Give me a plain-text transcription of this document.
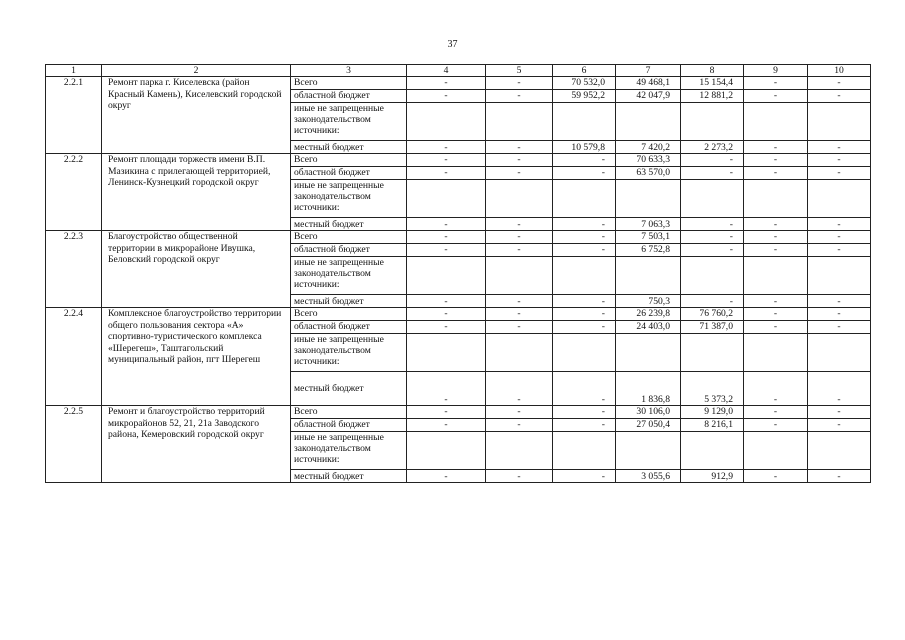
37
1	2	3	4	5	6	7	8	9	10
2.2.1	Ремонт парка г. Киселевска (район Красный Камень), Киселевский городской округ	Всего	-	-	70 532,0	49 468,1	15 154,4	-	-
		областной бюджет	-	-	59 952,2	42 047,9	12 881,2	-	-
		иные не запрещенные законодательством источники:							
		местный бюджет	-	-	10 579,8	7 420,2	2 273,2	-	-
2.2.2	Ремонт площади торжеств имени В.П. Мазикина с прилегающей территорией, Ленинск-Кузнецкий городской округ	Всего	-	-	-	70 633,3	-	-	-
		областной бюджет	-	-	-	63 570,0	-	-	-
		иные не запрещенные законодательством источники:							
		местный бюджет	-	-	-	7 063,3	-	-	-
2.2.3	Благоустройство общественной территории в микрорайоне Ивушка, Беловский городской округ	Всего	-	-	-	7 503,1	-	-	-
		областной бюджет	-	-	-	6 752,8	-	-	-
		иные не запрещенные законодательством источники:							
		местный бюджет	-	-	-	750,3	-	-	-
2.2.4	Комплексное благоустройство территории общего пользования сектора «А» спортивно-туристического комплекса «Шерегеш», Таштагольский муниципальный район, пгт Шерегеш	Всего	-	-	-	26 239,8	76 760,2	-	-
		областной бюджет	-	-	-	24 403,0	71 387,0	-	-
		иные не запрещенные законодательством источники:							
		местный бюджет	-	-	-	1 836,8	5 373,2	-	-
2.2.5	Ремонт и благоустройство территорий микрорайонов 52, 21, 21а Заводского района, Кемеровский городской округ	Всего	-	-	-	30 106,0	9 129,0	-	-
		областной бюджет	-	-	-	27 050,4	8 216,1	-	-
		иные не запрещенные законодательством источники:							
		местный бюджет	-	-	-	3 055,6	912,9	-	-
